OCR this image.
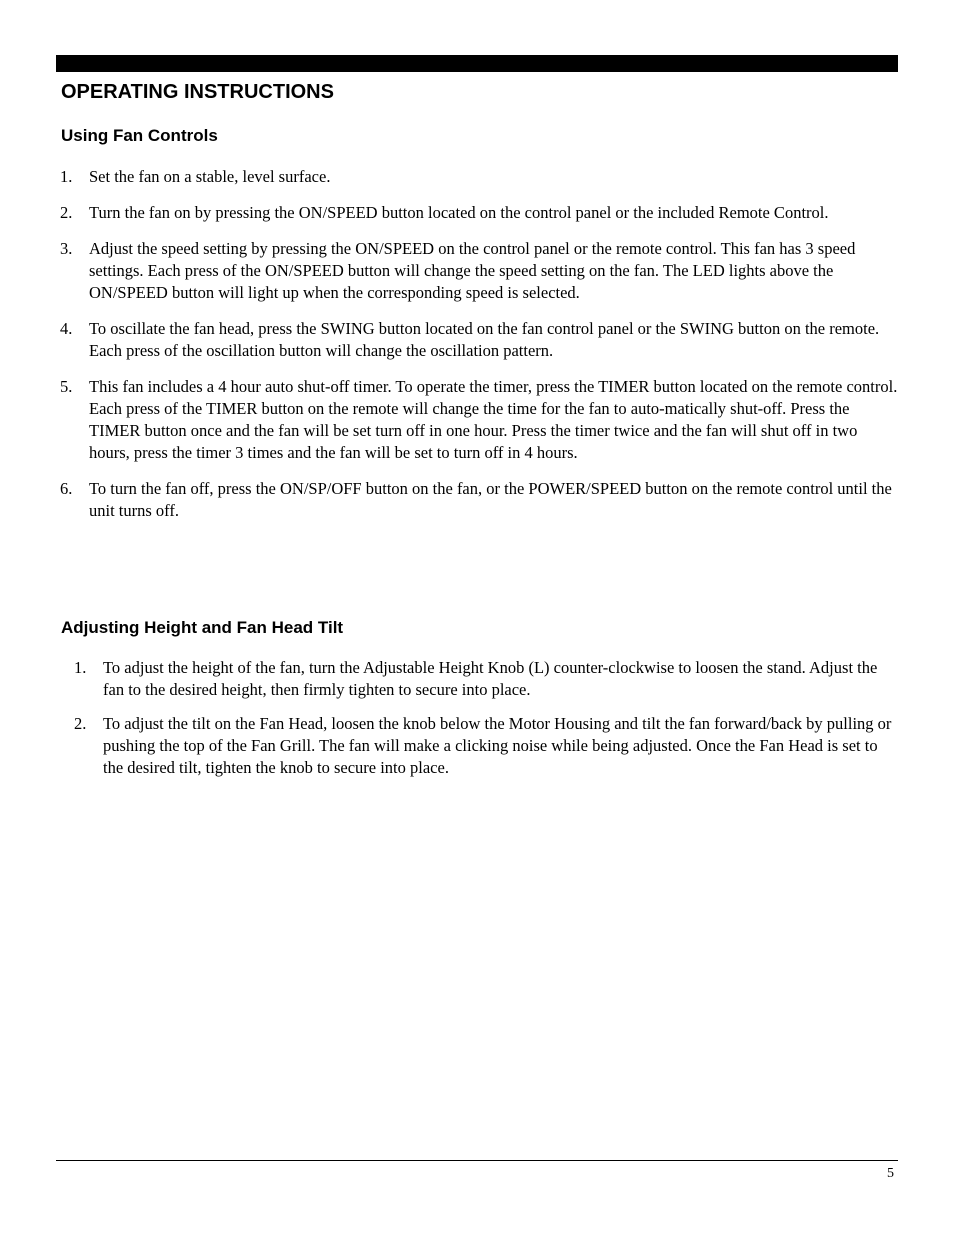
OPERATING INSTRUCTIONS
Using Fan Controls
1. Set the fan on a stable, level surface.
2. Turn the fan on by pressing the ON/SPEED button located on the control panel or the included Remote Control.
3. Adjust the speed setting by pressing the ON/SPEED on the control panel or the remote control. This fan has 3 speed settings. Each press of the ON/SPEED button will change the speed setting on the fan. The LED lights above the ON/SPEED button will light up when the corresponding speed is selected.
4. To oscillate the fan head, press the SWING button located on the fan control panel or the SWING button on the remote. Each press of the oscillation button will change the oscillation pattern.
5. This fan includes a 4 hour auto shut-off timer. To operate the timer, press the TIMER button located on the remote control. Each press of the TIMER button on the remote will change the time for the fan to auto-matically shut-off. Press the TIMER button once and the fan will be set turn off in one hour. Press the timer twice and the fan will shut off in two hours, press the timer 3 times and the fan will be set to turn off in 4 hours.
6. To turn the fan off, press the ON/SP/OFF button on the fan, or the POWER/SPEED button on the remote control until the unit turns off.
Adjusting Height and Fan Head Tilt
1. To adjust the height of the fan, turn the Adjustable Height Knob (L) counter-clockwise to loosen the stand. Adjust the fan to the desired height, then firmly tighten to secure into place.
2. To adjust the tilt on the Fan Head, loosen the knob below the Motor Housing and tilt the fan forward/back by pulling or pushing the top of the Fan Grill. The fan will make a clicking noise while being adjusted. Once the Fan Head is set to the desired tilt, tighten the knob to secure into place.
5
